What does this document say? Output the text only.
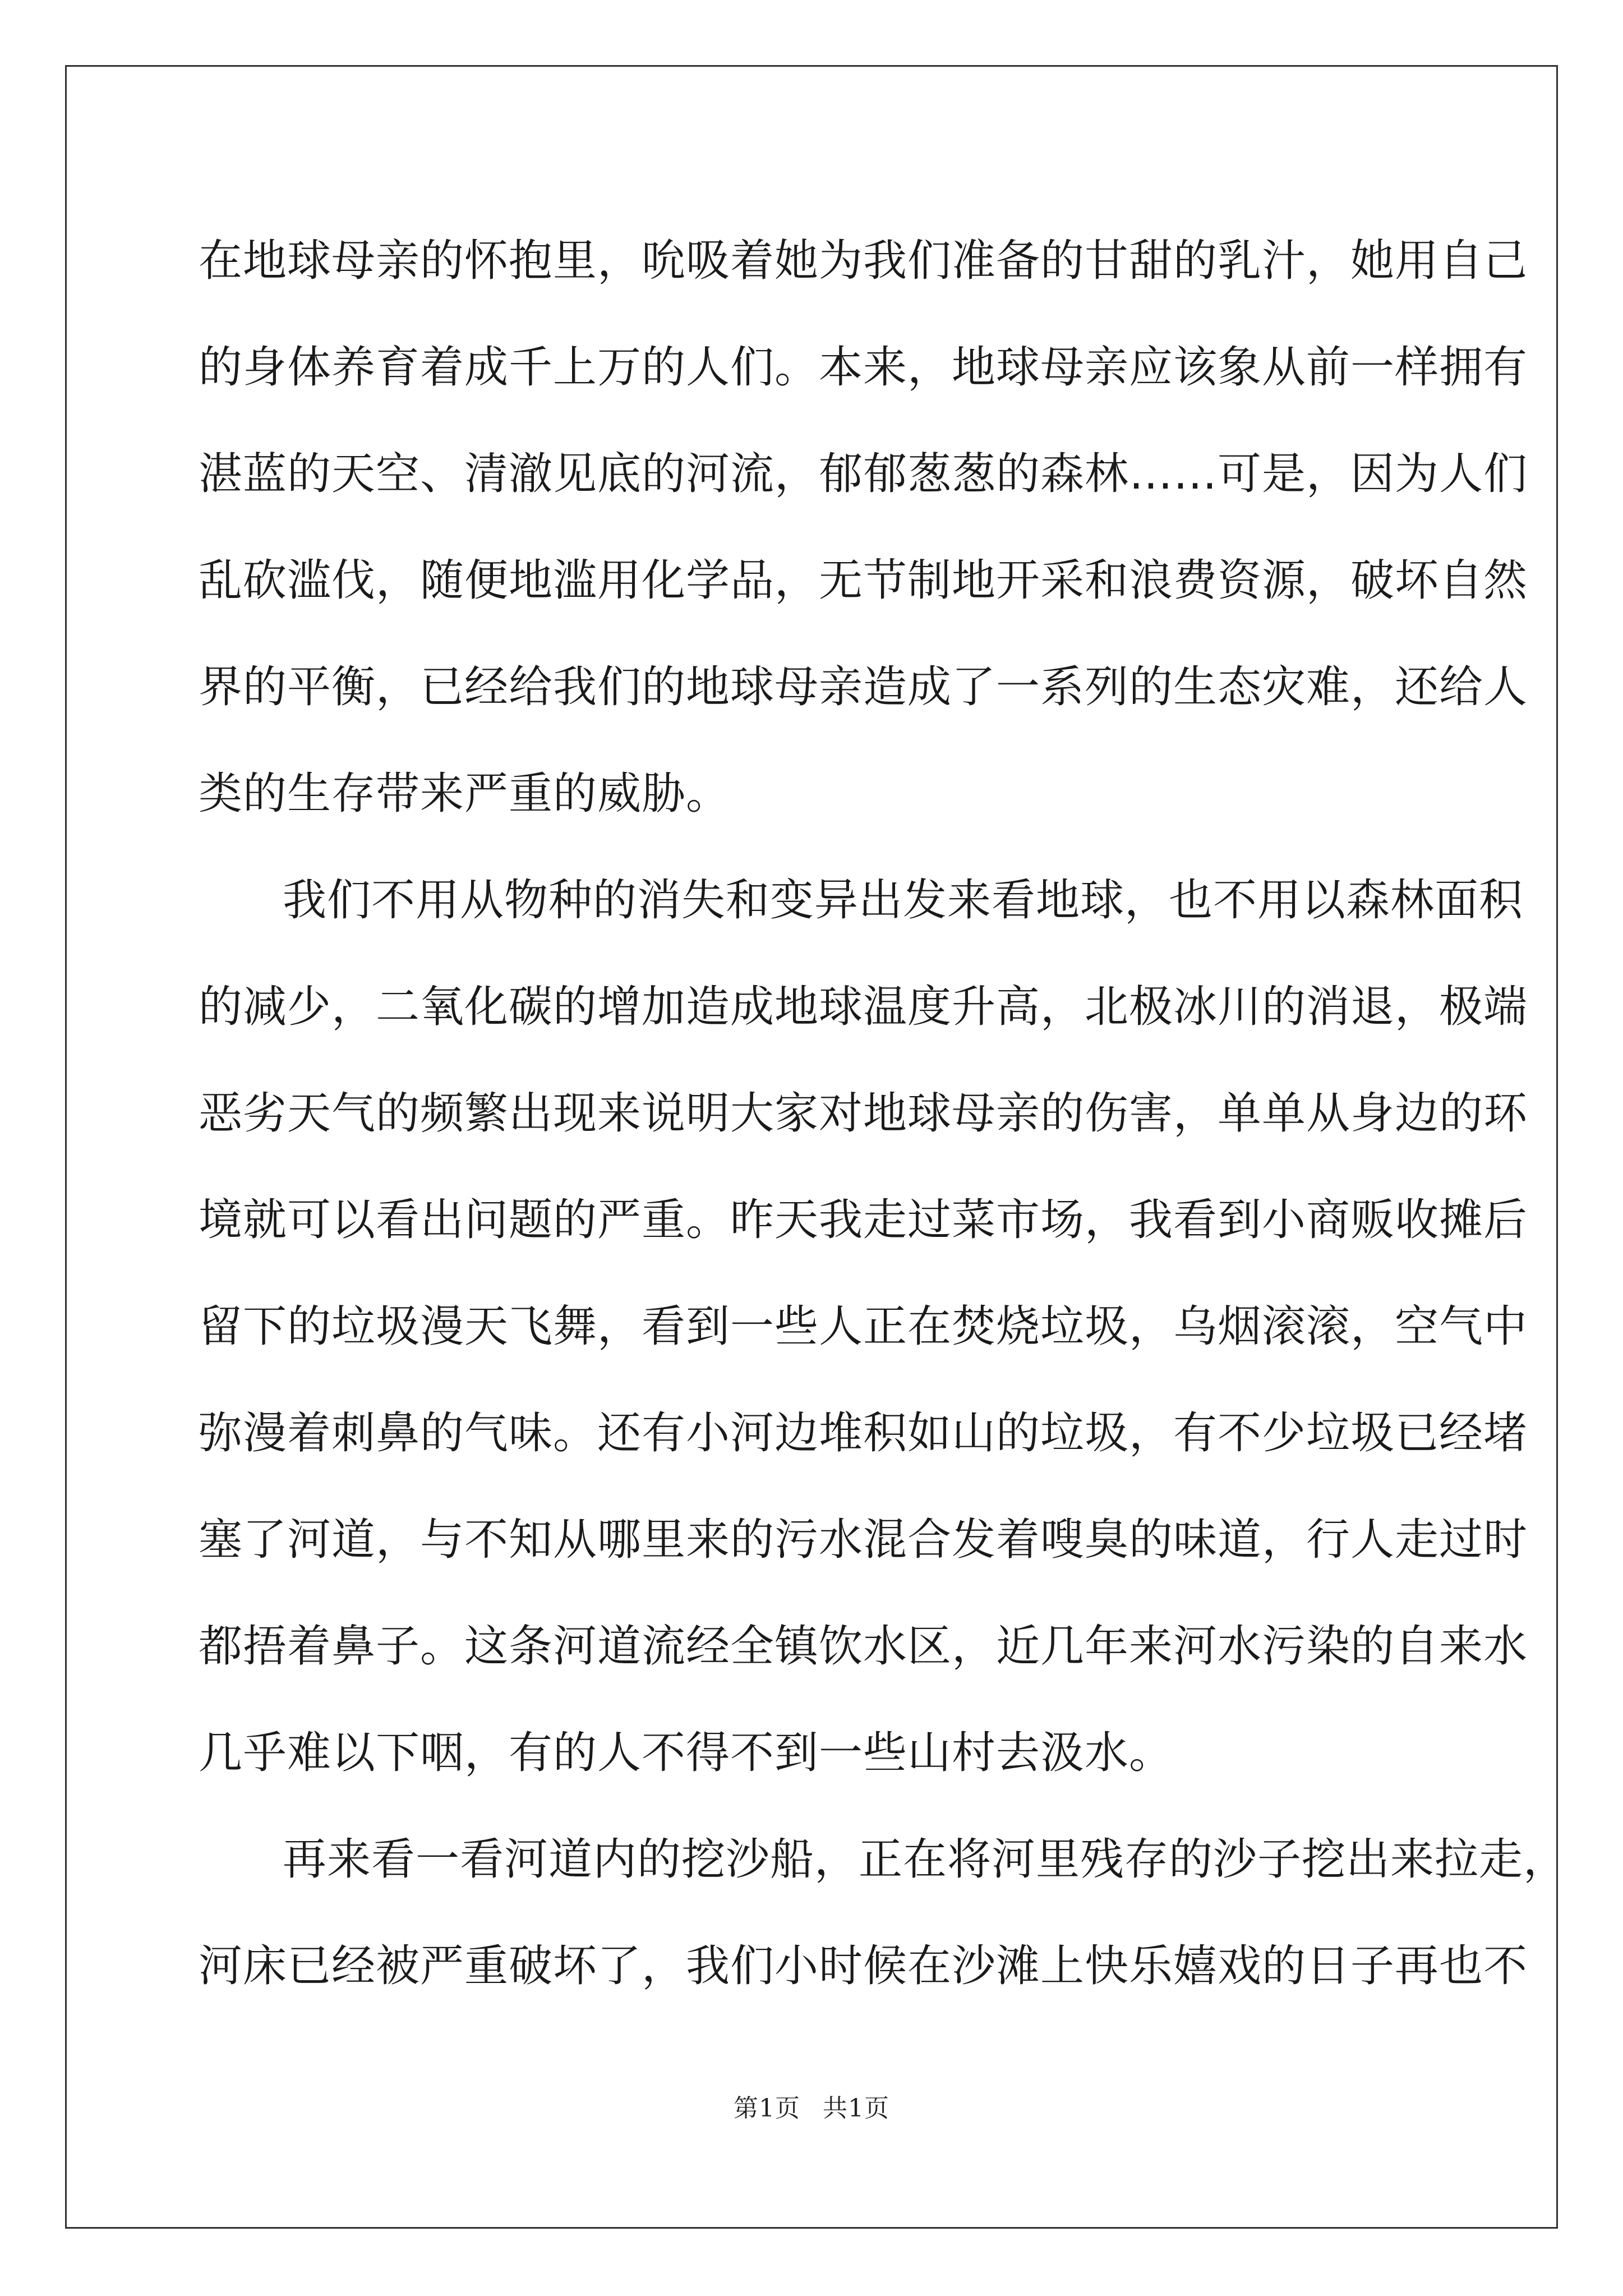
在地球母亲的怀抱里，吮吸着她为我们准备的甘甜的乳汁，她用自己
的身体养育着成千上万的人们。本来，地球母亲应该象从前一样拥有
湛蓝的天空、清澈见底的河流，郁郁葱葱的森林……可是，因为人们
乱砍滥伐，随便地滥用化学品，无节制地开采和浪费资源，破坏自然
界的平衡，已经给我们的地球母亲造成了一系列的生态灾难，还给人
类的生存带来严重的威胁。
我们不用从物种的消失和变异出发来看地球，也不用以森林面积
的减少，二氧化碳的增加造成地球温度升高，北极冰川的消退，极端
恶劣天气的频繁出现来说明大家对地球母亲的伤害，单单从身边的环
境就可以看出问题的严重。昨天我走过菜市场，我看到小商贩收摊后
留下的垃圾漫天飞舞，看到一些人正在焚烧垃圾，乌烟滚滚，空气中
弥漫着刺鼻的气味。还有小河边堆积如山的垃圾，有不少垃圾已经堵
塞了河道，与不知从哪里来的污水混合发着嗖臭的味道，行人走过时
都捂着鼻子。这条河道流经全镇饮水区，近几年来河水污染的自来水
几乎难以下咽，有的人不得不到一些山村去汲水。
再来看一看河道内的挖沙船，正在将河里残存的沙子挖出来拉走，
河床已经被严重破坏了，我们小时候在沙滩上快乐嬉戏的日子再也不
第1页 共1页
